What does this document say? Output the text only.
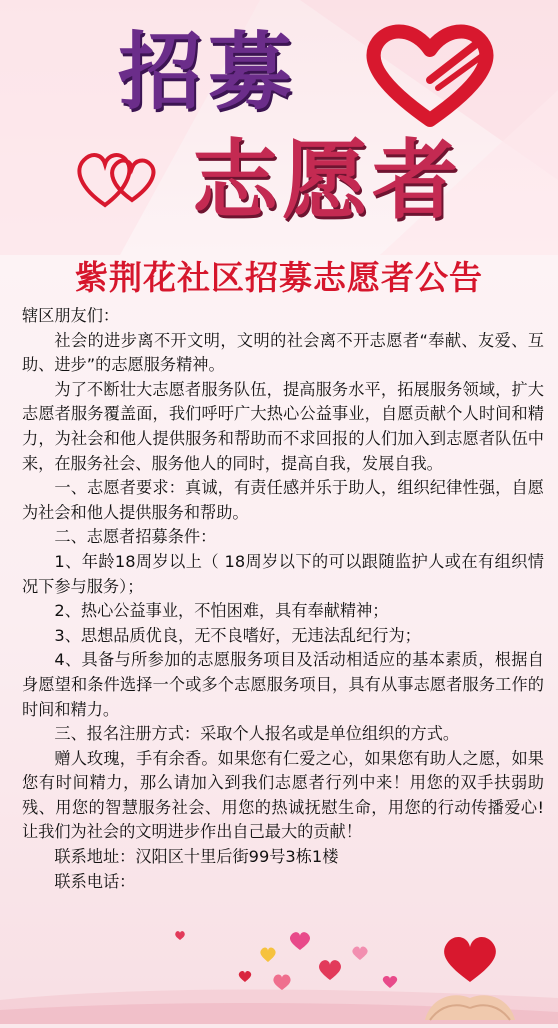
招募
志愿者
紫荆花社区招募志愿者公告

辖区朋友们：

社会的进步离不开文明，文明的社会离不开志愿者“奉献、友爱、互助、进步”的志愿服务精神。

为了不断壮大志愿者服务队伍，提高服务水平，拓展服务领域，扩大志愿者服务覆盖面，我们呼吁广大热心公益事业，自愿贡献个人时间和精力，为社会和他人提供服务和帮助而不求回报的人们加入到志愿者队伍中来，在服务社会、服务他人的同时，提高自我，发展自我。

一、志愿者要求：真诚，有责任感并乐于助人，组织纪律性强，自愿为社会和他人提供服务和帮助。

二、志愿者招募条件：

1、年龄18周岁以上（ 18周岁以下的可以跟随监护人或在有组织情况下参与服务）；

2、热心公益事业，不怕困难，具有奉献精神；

3、思想品质优良，无不良嗜好，无违法乱纪行为；

4、具备与所参加的志愿服务项目及活动相适应的基本素质，根据自身愿望和条件选择一个或多个志愿服务项目，具有从事志愿者服务工作的时间和精力。

三、报名注册方式：采取个人报名或是单位组织的方式。

赠人玫瑰，手有余香。如果您有仁爱之心，如果您有助人之愿，如果您有时间精力，那么请加入到我们志愿者行列中来！用您的双手扶弱助残、用您的智慧服务社会、用您的热诚抚慰生命，用您的行动传播爱心!让我们为社会的文明进步作出自己最大的贡献！

联系地址：汉阳区十里后街99号3栋1楼

联系电话：
